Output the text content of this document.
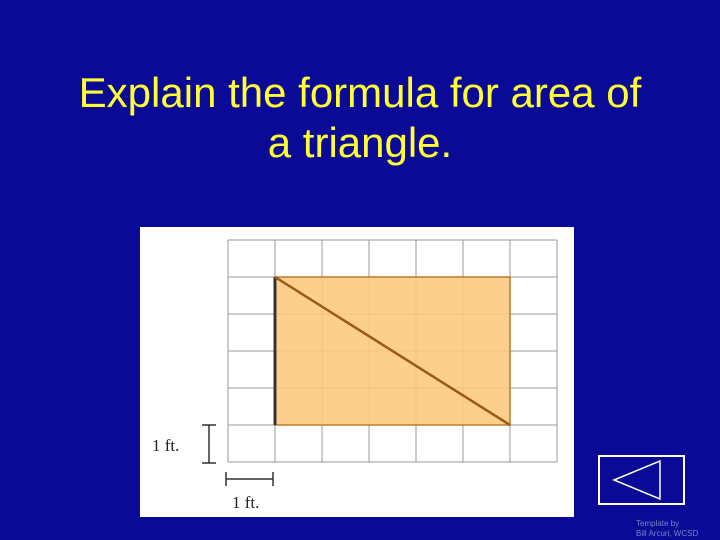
Explain the formula for area of
a triangle.
1 ft.
1 ft.
Template by
Bill Arcuri, WCSD
